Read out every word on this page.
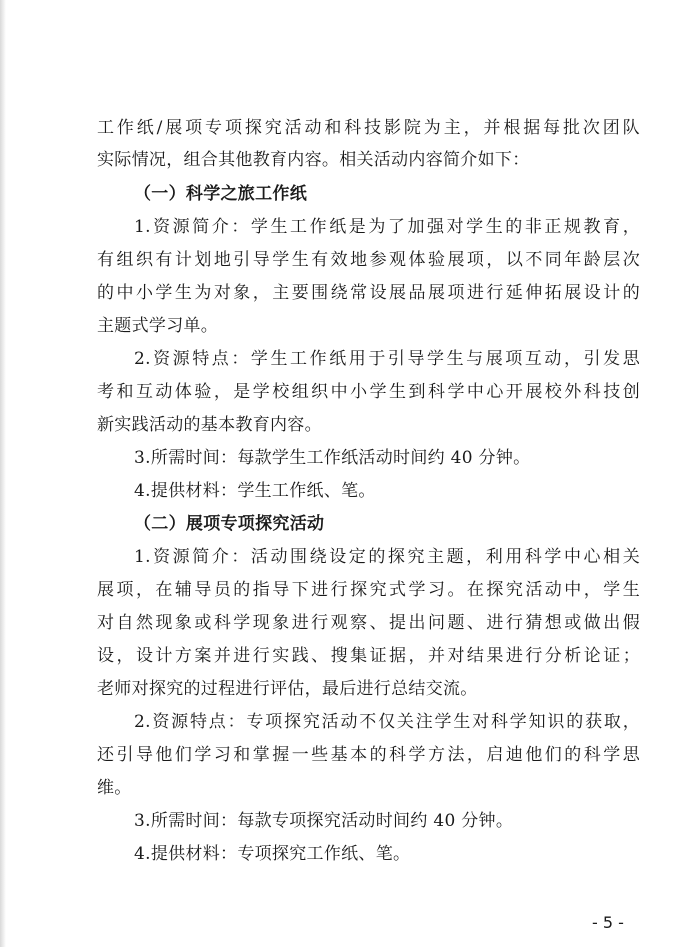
工作纸/展项专项探究活动和科技影院为主，并根据每批次团队
实际情况，组合其他教育内容。相关活动内容简介如下：
（一）科学之旅工作纸
1.资源简介：学生工作纸是为了加强对学生的非正规教育，
有组织有计划地引导学生有效地参观体验展项，以不同年龄层次
的中小学生为对象，主要围绕常设展品展项进行延伸拓展设计的
主题式学习单。
2.资源特点：学生工作纸用于引导学生与展项互动，引发思
考和互动体验，是学校组织中小学生到科学中心开展校外科技创
新实践活动的基本教育内容。
3.所需时间：每款学生工作纸活动时间约 40 分钟。
4.提供材料：学生工作纸、笔。
（二）展项专项探究活动
1.资源简介：活动围绕设定的探究主题，利用科学中心相关
展项，在辅导员的指导下进行探究式学习。在探究活动中，学生
对自然现象或科学现象进行观察、提出问题、进行猜想或做出假
设，设计方案并进行实践、搜集证据，并对结果进行分析论证；
老师对探究的过程进行评估，最后进行总结交流。
2.资源特点：专项探究活动不仅关注学生对科学知识的获取，
还引导他们学习和掌握一些基本的科学方法，启迪他们的科学思
维。
3.所需时间：每款专项探究活动时间约 40 分钟。
4.提供材料：专项探究工作纸、笔。
- 5 -
